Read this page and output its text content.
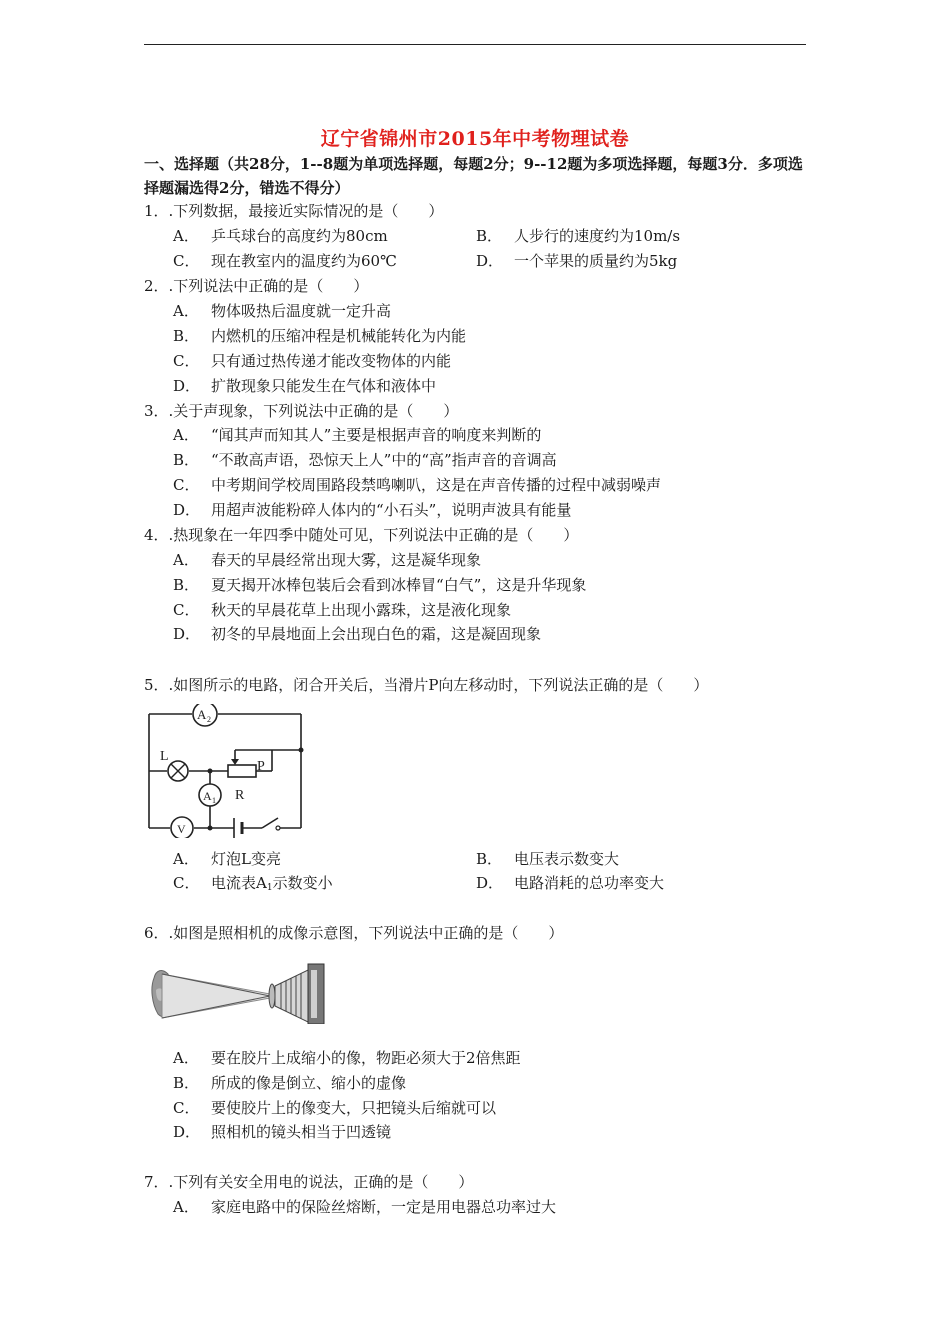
辽宁省锦州市2015年中考物理试卷
一、选择题（共28分，1--8题为单项选择题，每题2分；9--12题为多项选择题，每题3分．多项选择题漏选得2分，错选不得分）
1．.下列数据，最接近实际情况的是（　　）
A． 乒乓球台的高度约为80cm	B． 人步行的速度约为10m/s
C． 现在教室内的温度约为60℃	D． 一个苹果的质量约为5kg
2．.下列说法中正确的是（　　）
A． 物体吸热后温度就一定升高
B． 内燃机的压缩冲程是机械能转化为内能
C． 只有通过热传递才能改变物体的内能
D． 扩散现象只能发生在气体和液体中
3．.关于声现象，下列说法中正确的是（　　）
A． “闻其声而知其人”主要是根据声音的响度来判断的
B． “不敢高声语，恐惊天上人”中的“高”指声音的音调高
C． 中考期间学校周围路段禁鸣喇叭，这是在声音传播的过程中减弱噪声
D． 用超声波能粉碎人体内的“小石头”，说明声波具有能量
4．.热现象在一年四季中随处可见，下列说法中正确的是（　　）
A． 春天的早晨经常出现大雾，这是凝华现象
B． 夏天揭开冰棒包装后会看到冰棒冒“白气”，这是升华现象
C． 秋天的早晨花草上出现小露珠，这是液化现象
D． 初冬的早晨地面上会出现白色的霜，这是凝固现象
5．.如图所示的电路，闭合开关后，当滑片P向左移动时，下列说法正确的是（　　）
A 2
L
P
A 1 R
V
A． 灯泡L变亮	B． 电压表示数变大
C． 电流表$A_1$示数变小	D． 电路消耗的总功率变大
6．.如图是照相机的成像示意图，下列说法中正确的是（　　）
A． 要在胶片上成缩小的像，物距必须大于2倍焦距
B． 所成的像是倒立、缩小的虚像
C． 要使胶片上的像变大，只把镜头后缩就可以
D． 照相机的镜头相当于凹透镜
7．.下列有关安全用电的说法，正确的是（　　）
A． 家庭电路中的保险丝熔断，一定是用电器总功率过大
